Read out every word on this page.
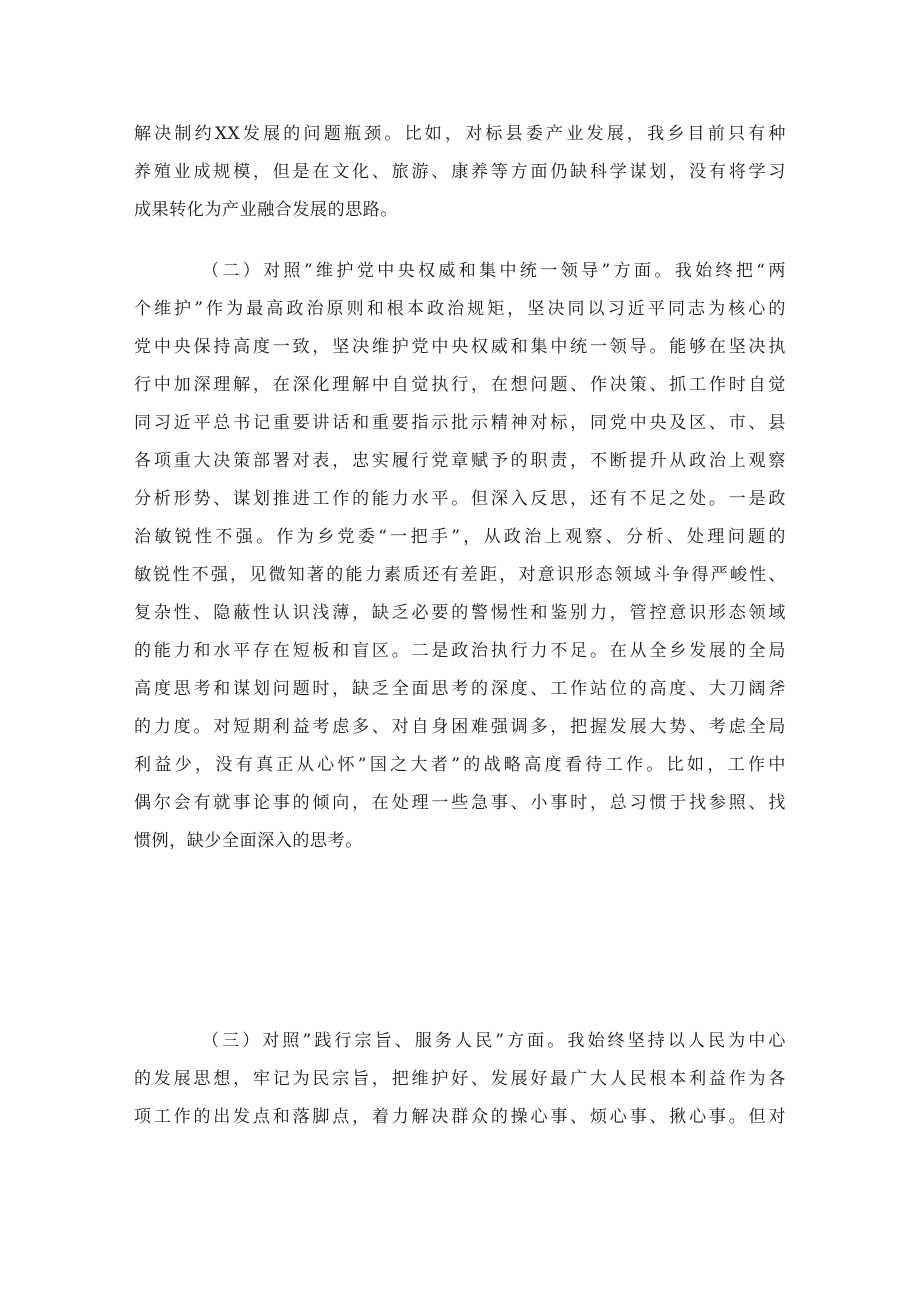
解决制约XX发展的问题瓶颈。比如，对标县委产业发展，我乡目前只有种
养殖业成规模，但是在文化、旅游、康养等方面仍缺科学谋划，没有将学习
成果转化为产业融合发展的思路。
（二）对照”维护党中央权威和集中统一领导”方面。我始终把“两
个维护”作为最高政治原则和根本政治规矩，坚决同以习近平同志为核心的
党中央保持高度一致，坚决维护党中央权威和集中统一领导。能够在坚决执
行中加深理解，在深化理解中自觉执行，在想问题、作决策、抓工作时自觉
同习近平总书记重要讲话和重要指示批示精神对标，同党中央及区、市、县
各项重大决策部署对表，忠实履行党章赋予的职责，不断提升从政治上观察
分析形势、谋划推进工作的能力水平。但深入反思，还有不足之处。一是政
治敏锐性不强。作为乡党委“一把手”，从政治上观察、分析、处理问题的
敏锐性不强，见微知著的能力素质还有差距，对意识形态领域斗争得严峻性、
复杂性、隐蔽性认识浅薄，缺乏必要的警惕性和鉴别力，管控意识形态领域
的能力和水平存在短板和盲区。二是政治执行力不足。在从全乡发展的全局
高度思考和谋划问题时，缺乏全面思考的深度、工作站位的高度、大刀阔斧
的力度。对短期利益考虑多、对自身困难强调多，把握发展大势、考虑全局
利益少，没有真正从心怀”国之大者”的战略高度看待工作。比如，工作中
偶尔会有就事论事的倾向，在处理一些急事、小事时，总习惯于找参照、找
惯例，缺少全面深入的思考。
（三）对照”践行宗旨、服务人民”方面。我始终坚持以人民为中心
的发展思想，牢记为民宗旨，把维护好、发展好最广大人民根本利益作为各
项工作的出发点和落脚点，着力解决群众的操心事、烦心事、揪心事。但对
